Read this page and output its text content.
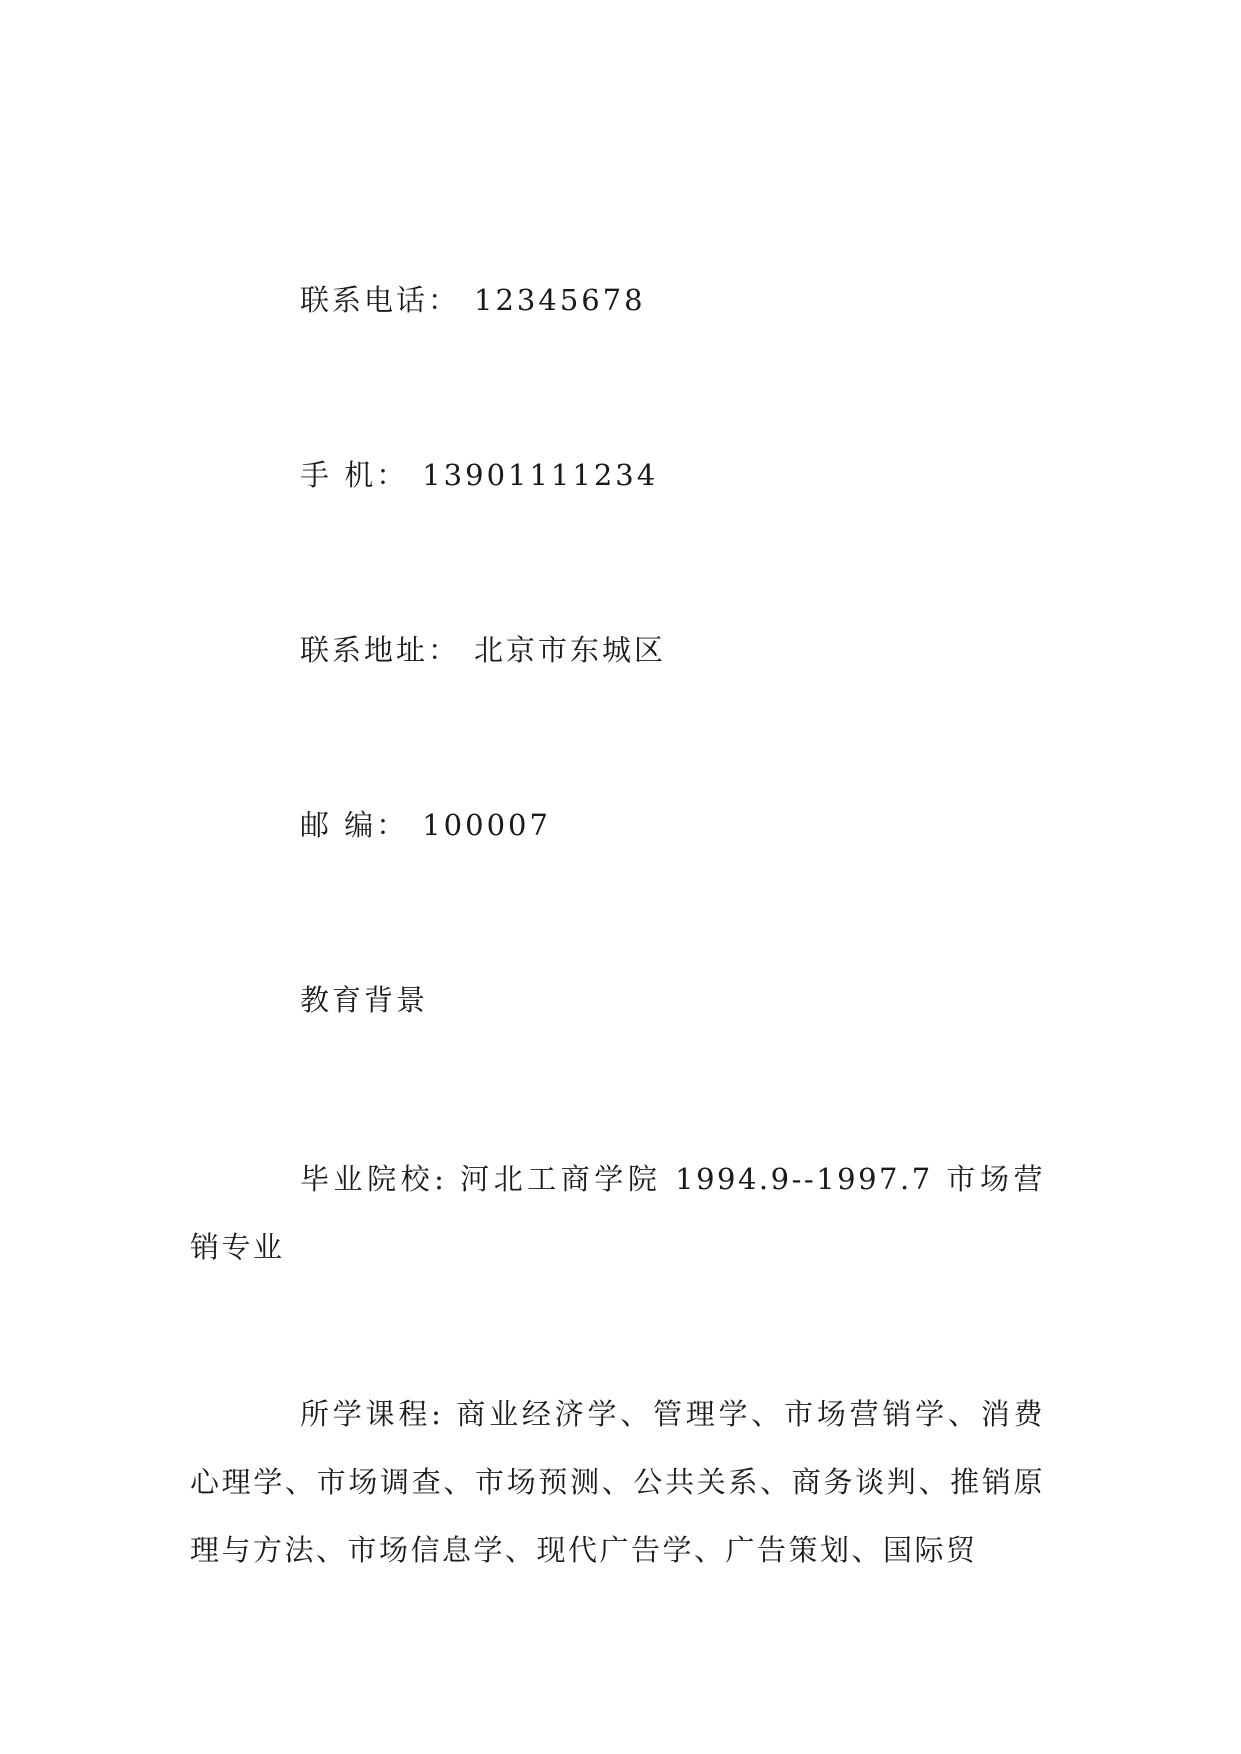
联系电话： 12345678
手 机： 13901111234
联系地址： 北京市东城区
邮 编： 100007
教育背景
毕业院校: 河北工商学院 1994.9--1997.7 市场营销专业
所学课程: 商业经济学、管理学、市场营销学、消费心理学、市场调查、市场预测、公共关系、商务谈判、推销原理与方法、市场信息学、现代广告学、广告策划、国际贸
